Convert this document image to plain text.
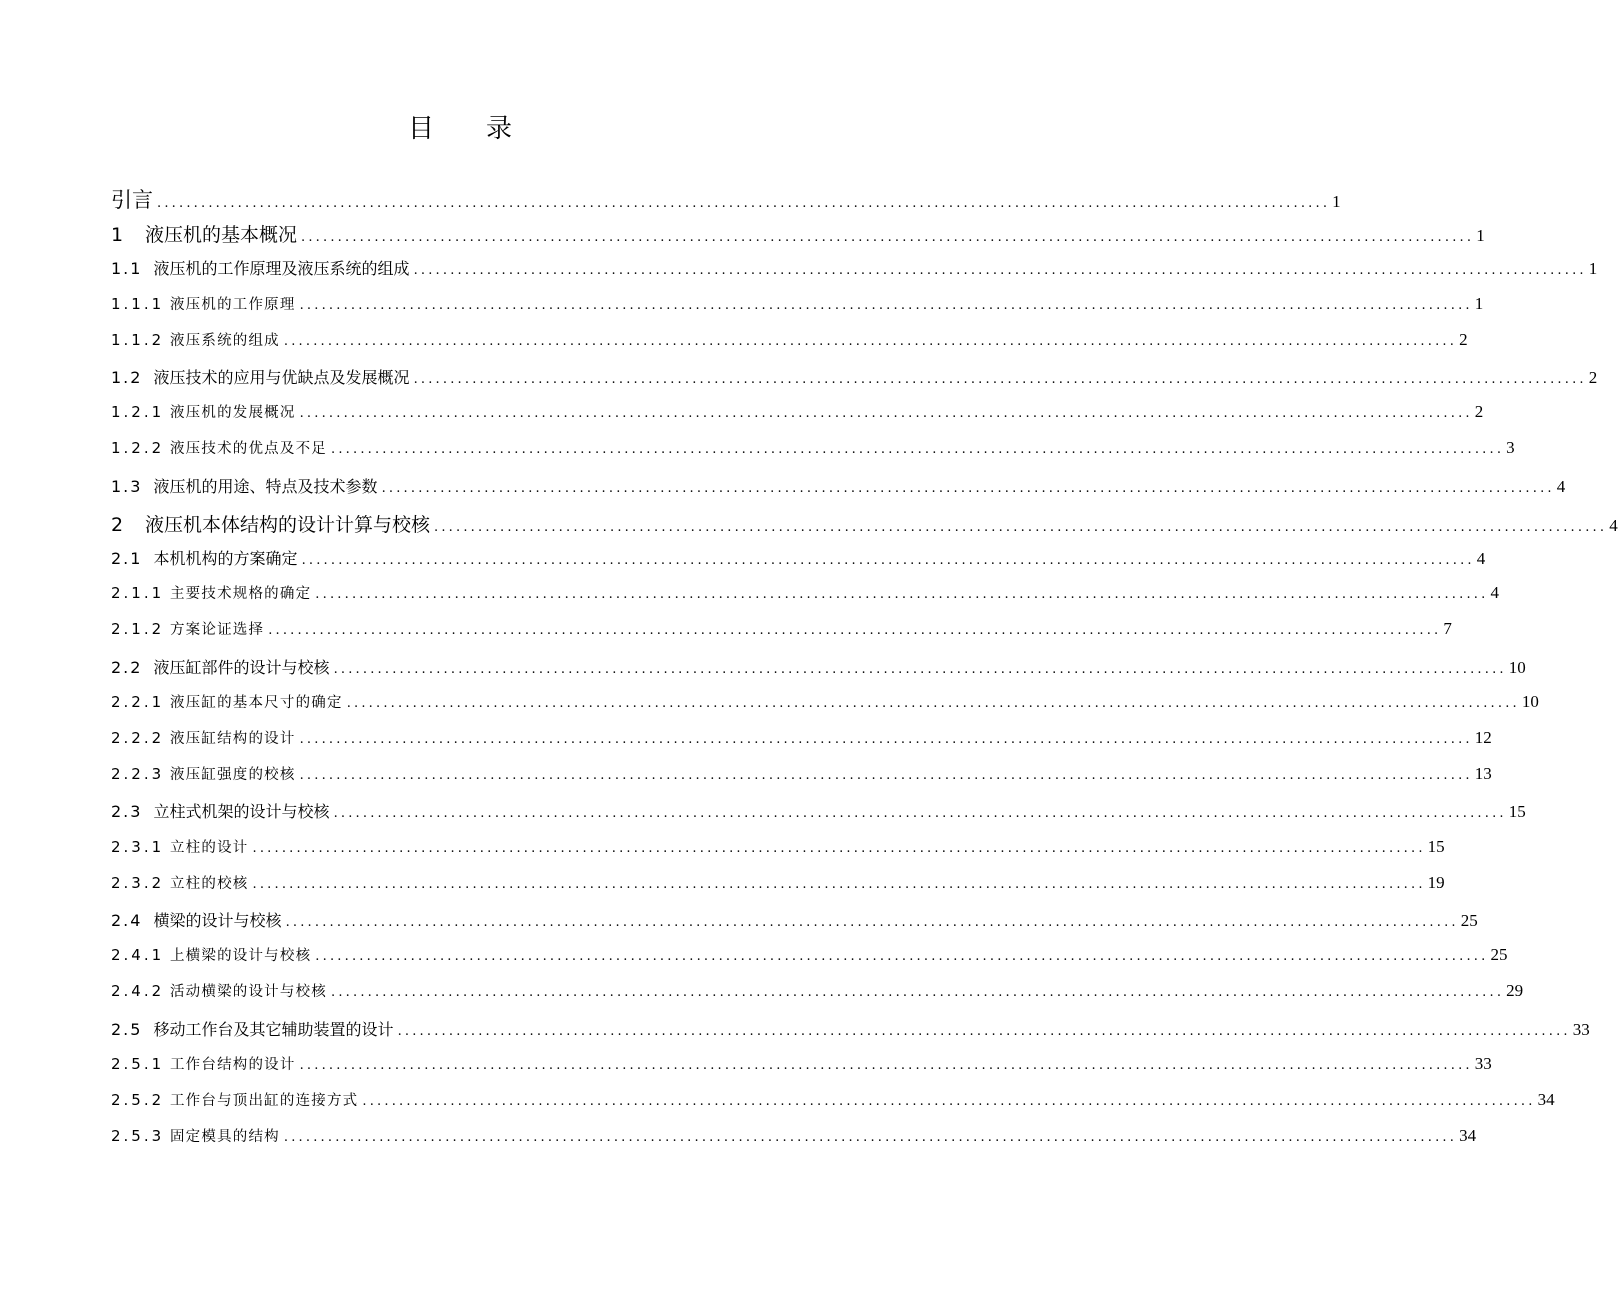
目 录
引言 ................................................................................................................................................................ 1
1 液压机的基本概况 ................................................................................................................................................................ 1
1.1 液压机的工作原理及液压系统的组成 ................................................................................................................................................................ 1
1.1.1 液压机的工作原理 ................................................................................................................................................................ 1
1.1.2 液压系统的组成 ................................................................................................................................................................ 2
1.2 液压技术的应用与优缺点及发展概况 ................................................................................................................................................................ 2
1.2.1 液压机的发展概况 ................................................................................................................................................................ 2
1.2.2 液压技术的优点及不足 ................................................................................................................................................................ 3
1.3 液压机的用途、特点及技术参数 ................................................................................................................................................................ 4
2 液压机本体结构的设计计算与校核 ................................................................................................................................................................ 4
2.1 本机机构的方案确定 ................................................................................................................................................................ 4
2.1.1 主要技术规格的确定 ................................................................................................................................................................ 4
2.1.2 方案论证选择 ................................................................................................................................................................ 7
2.2 液压缸部件的设计与校核 ................................................................................................................................................................ 10
2.2.1 液压缸的基本尺寸的确定 ................................................................................................................................................................ 10
2.2.2 液压缸结构的设计 ................................................................................................................................................................ 12
2.2.3 液压缸强度的校核 ................................................................................................................................................................ 13
2.3 立柱式机架的设计与校核 ................................................................................................................................................................ 15
2.3.1 立柱的设计 ................................................................................................................................................................ 15
2.3.2 立柱的校核 ................................................................................................................................................................ 19
2.4 横梁的设计与校核 ................................................................................................................................................................ 25
2.4.1 上横梁的设计与校核 ................................................................................................................................................................ 25
2.4.2 活动横梁的设计与校核 ................................................................................................................................................................ 29
2.5 移动工作台及其它辅助装置的设计 ................................................................................................................................................................ 33
2.5.1 工作台结构的设计 ................................................................................................................................................................ 33
2.5.2 工作台与顶出缸的连接方式 ................................................................................................................................................................ 34
2.5.3 固定模具的结构 ................................................................................................................................................................ 34
